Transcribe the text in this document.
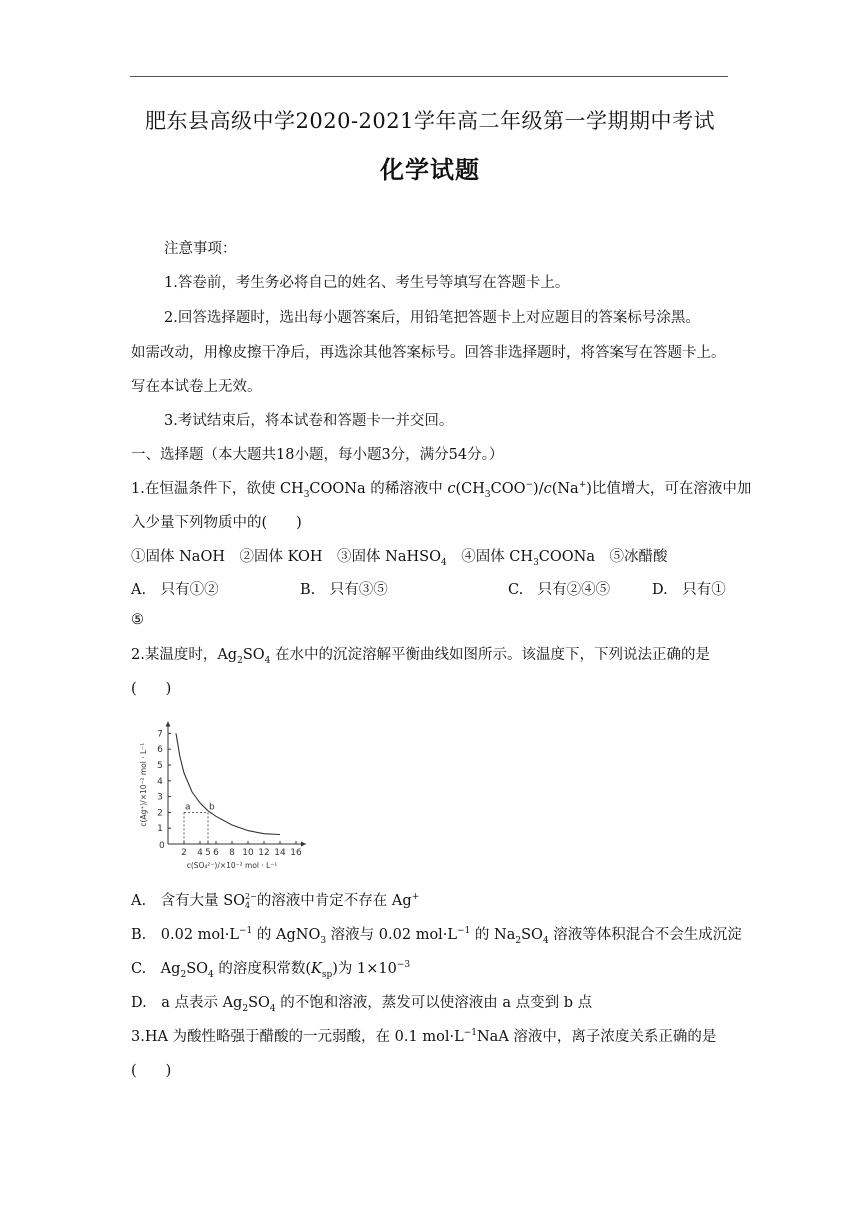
肥东县高级中学2020-2021学年高二年级第一学期期中考试
化学试题
注意事项：
1.答卷前，考生务必将自己的姓名、考生号等填写在答题卡上。
2.回答选择题时，选出每小题答案后，用铅笔把答题卡上对应题目的答案标号涂黑。
如需改动，用橡皮擦干净后，再选涂其他答案标号。回答非选择题时，将答案写在答题卡上。
写在本试卷上无效。
3.考试结束后，将本试卷和答题卡一并交回。
一、选择题（本大题共18小题，每小题3分，满分54分。）
1.在恒温条件下，欲使 $CH_3COONa$ 的稀溶液中 $c(CH_3COO^-)/c(Na^+)$比值增大，可在溶液中加
入少量下列物质中的(　　)
①固体 NaOH　②固体 KOH　③固体 NaHSO$_4$　④固体 $CH_3COONa$　⑤冰醋酸
A.　只有①②	B.　只有③⑤	C.　只有②④⑤	D.　只有①
⑤
2.某温度时，$Ag_2SO_4$ 在水中的沉淀溶解平衡曲线如图所示。该温度下，下列说法正确的是
(　　)
0
1
2
3
4
5
6
7
2 4 5 6 8 10 12 14 16
a b
c(Ag⁺)/×10⁻² mol · L⁻¹
c(SO₄²⁻)/×10⁻² mol · L⁻¹
A.　含有大量 SO 2−
4 的溶液中肯定不存在 Ag+
B.　0.02 $mol\cdot L^{-1}$ 的 AgNO$_3$ 溶液与 0.02 $mol\cdot L^{-1}$ 的 $Na_2SO_4$ 溶液等体积混合不会生成沉淀
C.　$Ag_2SO_4$ 的溶度积常数$(K_{sp})$为 $1\times 10^{-3}$
D.　a 点表示 $Ag_2SO_4$ 的不饱和溶液，蒸发可以使溶液由 a 点变到 b 点
3.HA 为酸性略强于醋酸的一元弱酸，在 0.1 $mol\cdot L^{-1}NaA$ 溶液中，离子浓度关系正确的是
(　　)
